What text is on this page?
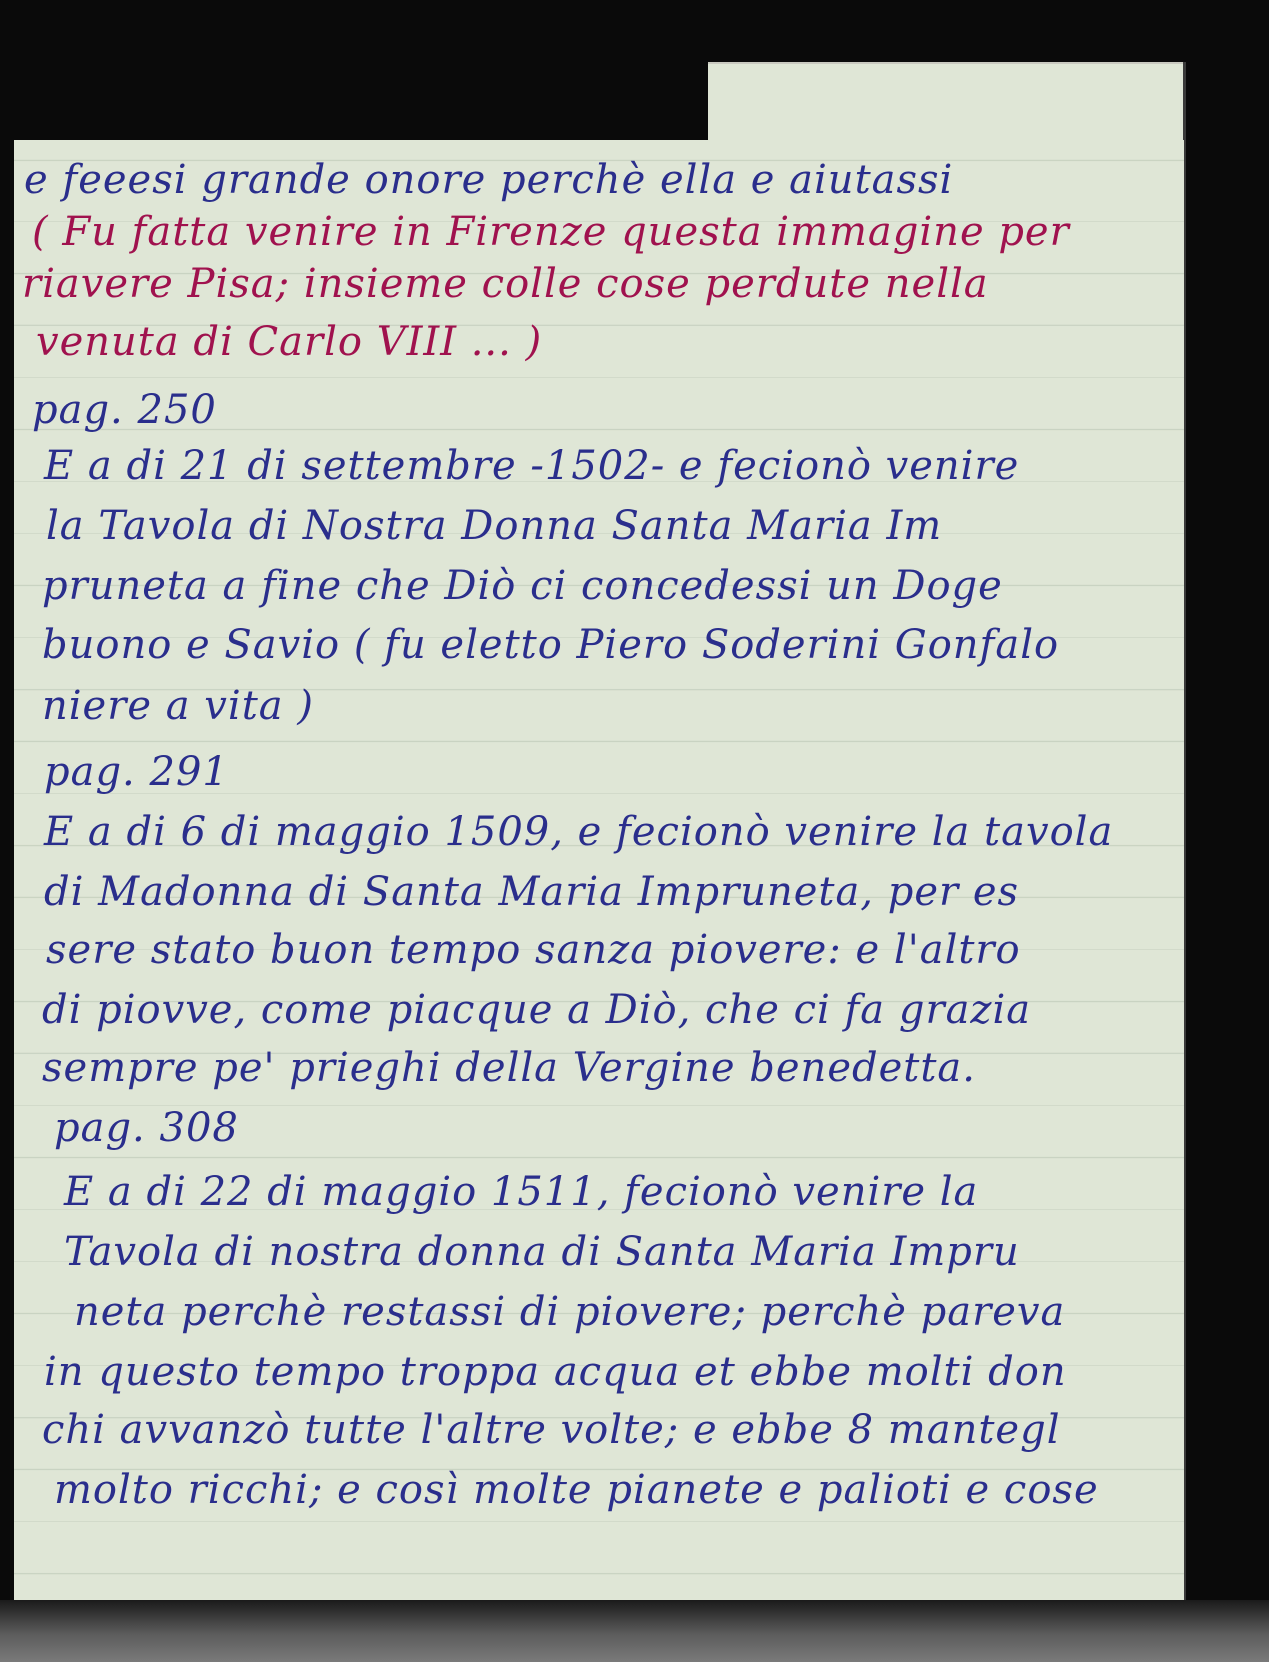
e feeesi grande onore perchè ella e aiutassi
( Fu fatta venire in Firenze questa immagine per
riavere Pisa; insieme colle cose perdute nella
venuta di Carlo VIII ... )
pag. 250
E a di 21 di settembre -1502- e fecionò venire
la Tavola di Nostra Donna Santa Maria Im
pruneta a fine che Diò ci concedessi un Doge
buono e Savio ( fu eletto Piero Soderini Gonfalo
niere a vita )
pag. 291
E a di 6 di maggio 1509, e fecionò venire la tavola
di Madonna di Santa Maria Impruneta, per es
sere stato buon tempo sanza piovere: e l'altro
di piovve, come piacque a Diò, che ci fa grazia
sempre pe' prieghi della Vergine benedetta.
pag. 308
E a di 22 di maggio 1511, fecionò venire la
Tavola di nostra donna di Santa Maria Impru
neta perchè restassi di piovere; perchè pareva
in questo tempo troppa acqua et ebbe molti don
chi avvanzò tutte l'altre volte; e ebbe 8 mantegl
molto ricchi; e così molte pianete e palioti e cose
